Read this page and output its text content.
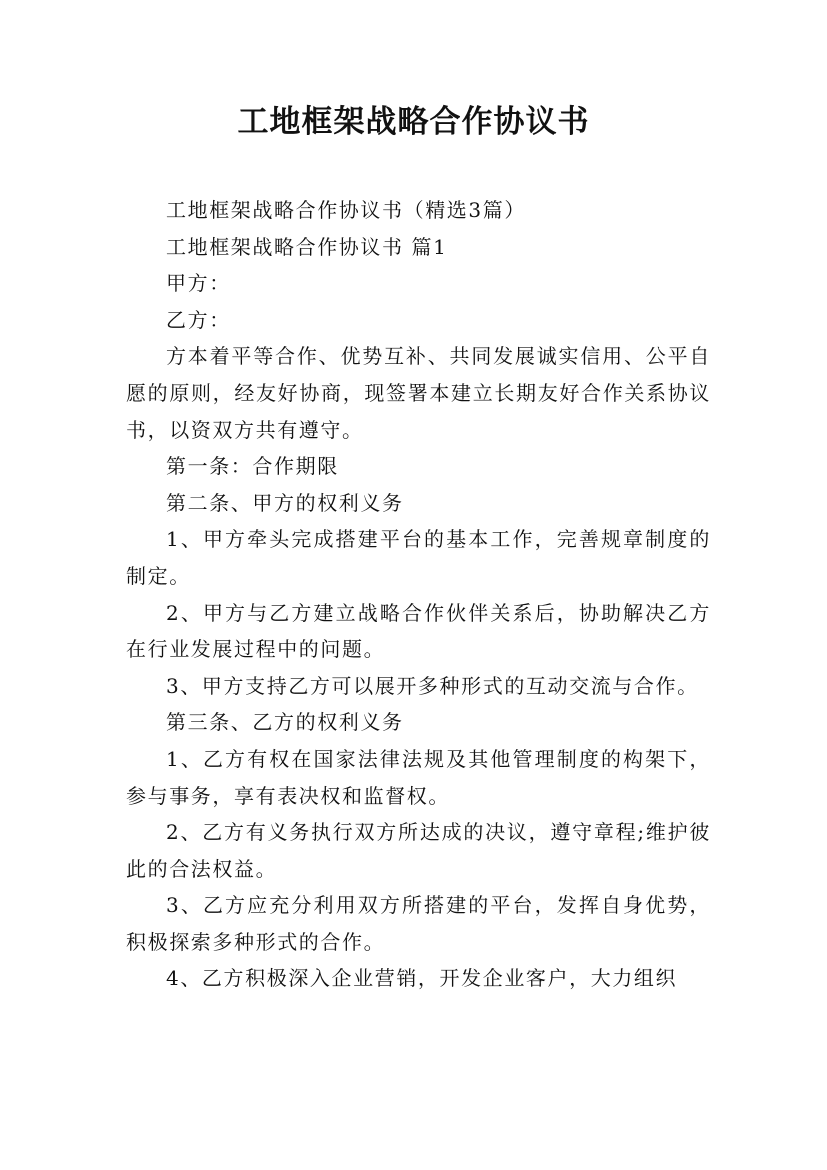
工地框架战略合作协议书

工地框架战略合作协议书（精选3篇）

工地框架战略合作协议书 篇1

甲方：

乙方：

方本着平等合作、优势互补、共同发展诚实信用、公平自愿的原则，经友好协商，现签署本建立长期友好合作关系协议书，以资双方共有遵守。

第一条：合作期限

第二条、甲方的权利义务

1、甲方牵头完成搭建平台的基本工作，完善规章制度的制定。

2、甲方与乙方建立战略合作伙伴关系后，协助解决乙方在行业发展过程中的问题。

3、甲方支持乙方可以展开多种形式的互动交流与合作。

第三条、乙方的权利义务

1、乙方有权在国家法律法规及其他管理制度的构架下，参与事务，享有表决权和监督权。

2、乙方有义务执行双方所达成的决议，遵守章程;维护彼此的合法权益。

3、乙方应充分利用双方所搭建的平台，发挥自身优势，积极探索多种形式的合作。

4、乙方积极深入企业营销，开发企业客户，大力组织
